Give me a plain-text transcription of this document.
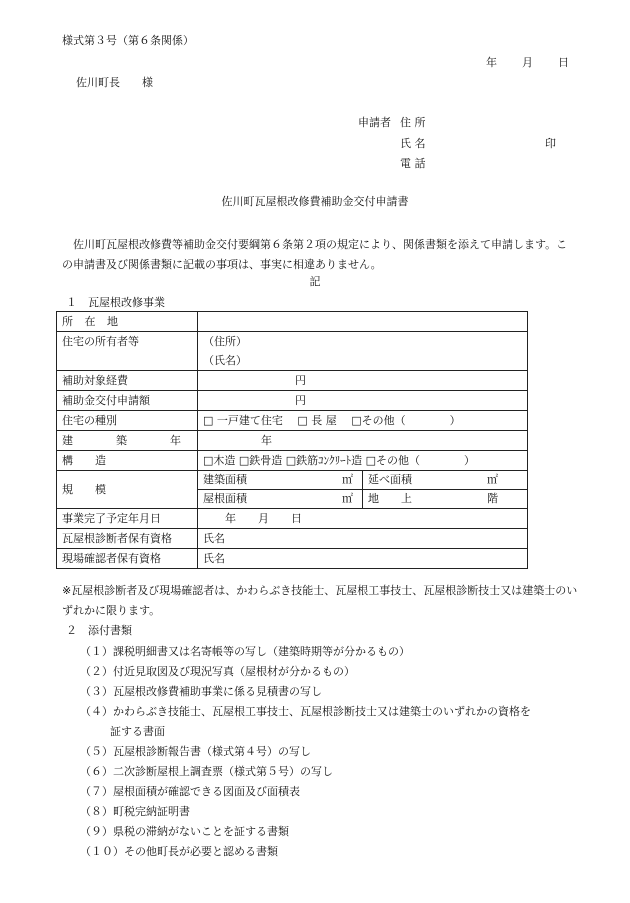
様式第３号（第６条関係）
年 月 日
佐川町長　　様
申請者 住 所
氏 名	印
電 話
佐川町瓦屋根改修費補助金交付申請書
佐川町瓦屋根改修費等補助金交付要綱第６条第２項の規定により、関係書類を添えて申請します。この申請書及び関係書類に記載の事項は、事実に相違ありません。
記
１　瓦屋根改修事業
所 在 地	
住宅の所有者等	（住所）
（氏名）
補助対象経費	円
補助金交付申請額	円
住宅の種別	□ 一戸建て住宅　 □ 長 屋 　□その他（　　　　）
建　築　年	年
構　　造	□木造 □鉄骨造 □鉄筋ｺﾝｸﾘｰﾄ造 □その他（　　　　）
規　　模	
建築面積	㎡	延べ面積	㎡

屋根面積	㎡	地　　上	階

事業完了予定年月日	年　　月　　日
瓦屋根診断者保有資格	氏名
現場確認者保有資格	氏名
※瓦屋根診断者及び現場確認者は、かわらぶき技能士、瓦屋根工事技士、瓦屋根診断技士又は建築士のいずれかに限ります。
２　添付書類
（１）課税明細書又は名寄帳等の写し（建築時期等が分かるもの）
（２）付近見取図及び現況写真（屋根材が分かるもの）
（３）瓦屋根改修費補助事業に係る見積書の写し
（４）かわらぶき技能士、瓦屋根工事技士、瓦屋根診断技士又は建築士のいずれかの資格を
証する書面
（５）瓦屋根診断報告書（様式第４号）の写し
（６）二次診断屋根上調査票（様式第５号）の写し
（７）屋根面積が確認できる図面及び面積表
（８）町税完納証明書
（９）県税の滞納がないことを証する書類
（１０）その他町長が必要と認める書類
